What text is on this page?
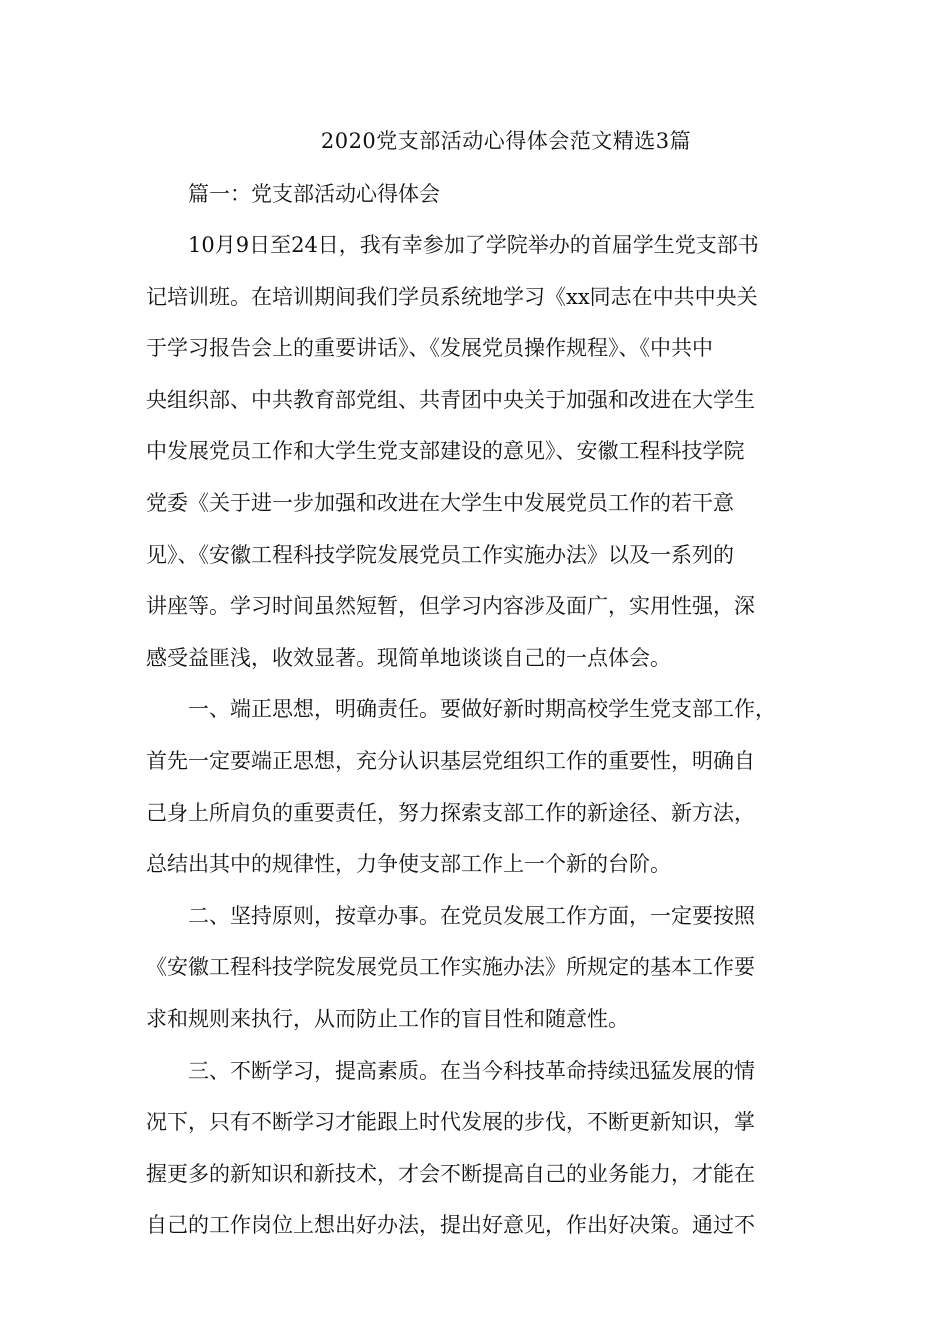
2020党支部活动心得体会范文精选3篇
篇一：党支部活动心得体会
10月9日至24日，我有幸参加了学院举办的首届学生党支部书
记培训班。在培训期间我们学员系统地学习《xx同志在中共中央关
于学习报告会上的重要讲话》、《发展党员操作规程》、《中共中
央组织部、中共教育部党组、共青团中央关于加强和改进在大学生
中发展党员工作和大学生党支部建设的意见》、安徽工程科技学院
党委《关于进一步加强和改进在大学生中发展党员工作的若干意
见》、《安徽工程科技学院发展党员工作实施办法》以及一系列的
讲座等。学习时间虽然短暂，但学习内容涉及面广，实用性强，深
感受益匪浅，收效显著。现简单地谈谈自己的一点体会。
一、端正思想，明确责任。要做好新时期高校学生党支部工作，
首先一定要端正思想，充分认识基层党组织工作的重要性，明确自
己身上所肩负的重要责任，努力探索支部工作的新途径、新方法，
总结出其中的规律性，力争使支部工作上一个新的台阶。
二、坚持原则，按章办事。在党员发展工作方面，一定要按照
《安徽工程科技学院发展党员工作实施办法》所规定的基本工作要
求和规则来执行，从而防止工作的盲目性和随意性。
三、不断学习，提高素质。在当今科技革命持续迅猛发展的情
况下，只有不断学习才能跟上时代发展的步伐，不断更新知识，掌
握更多的新知识和新技术，才会不断提高自己的业务能力，才能在
自己的工作岗位上想出好办法，提出好意见，作出好决策。通过不
